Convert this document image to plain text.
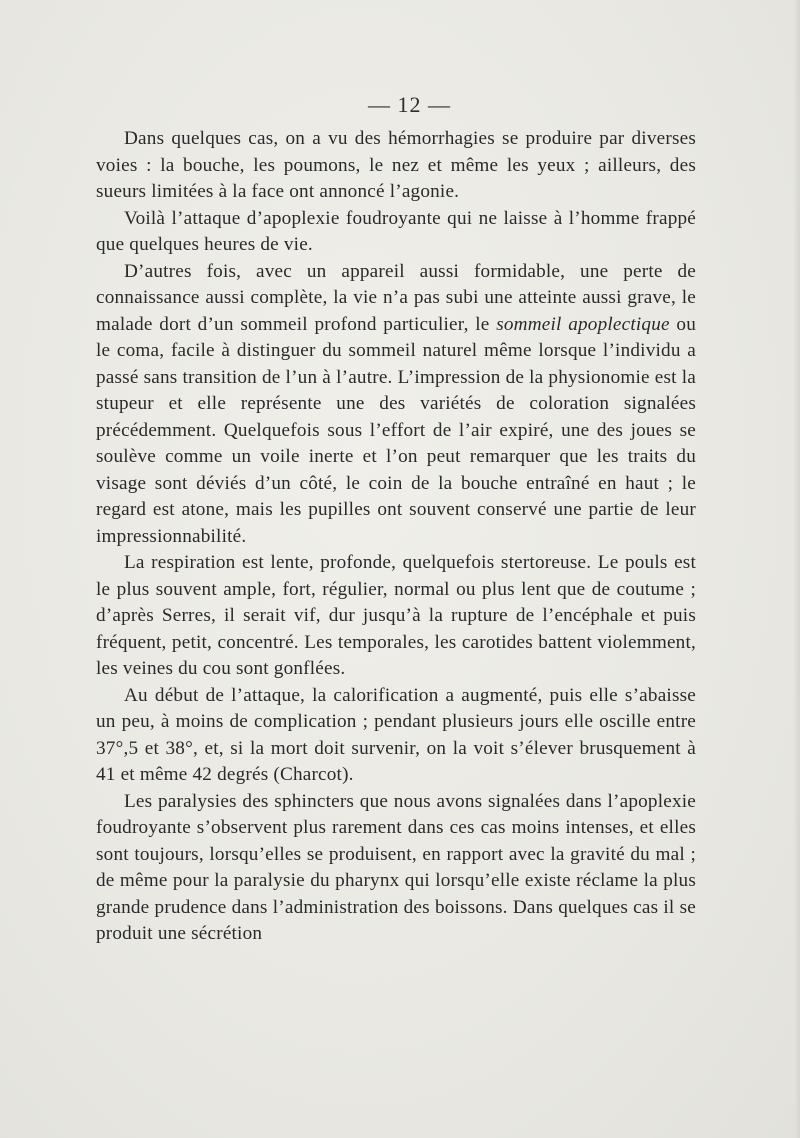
— 12 —

Dans quelques cas, on a vu des hémorrhagies se produire par diverses voies : la bouche, les poumons, le nez et même les yeux ; ailleurs, des sueurs limitées à la face ont annoncé l’agonie.

Voilà l’attaque d’apoplexie foudroyante qui ne laisse à l’homme frappé que quelques heures de vie.

D’autres fois, avec un appareil aussi formidable, une perte de connaissance aussi complète, la vie n’a pas subi une atteinte aussi grave, le malade dort d’un sommeil profond particulier, le sommeil apoplectique ou le coma, facile à distinguer du sommeil naturel même lorsque l’individu a passé sans transition de l’un à l’autre. L’impression de la physionomie est la stupeur et elle représente une des variétés de coloration signalées précédemment. Quelquefois sous l’effort de l’air expiré, une des joues se soulève comme un voile inerte et l’on peut remarquer que les traits du visage sont déviés d’un côté, le coin de la bouche entraîné en haut ; le regard est atone, mais les pupilles ont souvent conservé une partie de leur impressionnabilité.

La respiration est lente, profonde, quelquefois stertoreuse. Le pouls est le plus souvent ample, fort, régulier, normal ou plus lent que de coutume ; d’après Serres, il serait vif, dur jusqu’à la rupture de l’encéphale et puis fréquent, petit, concentré. Les temporales, les carotides battent violemment, les veines du cou sont gonflées.

Au début de l’attaque, la calorification a augmenté, puis elle s’abaisse un peu, à moins de complication ; pendant plusieurs jours elle oscille entre 37°,5 et 38°, et, si la mort doit survenir, on la voit s’élever brusquement à 41 et même 42 degrés (Charcot).

Les paralysies des sphincters que nous avons signalées dans l’apoplexie foudroyante s’observent plus rarement dans ces cas moins intenses, et elles sont toujours, lorsqu’elles se produisent, en rapport avec la gravité du mal ; de même pour la paralysie du pharynx qui lorsqu’elle existe réclame la plus grande prudence dans l’administration des boissons. Dans quelques cas il se produit une sécrétion
